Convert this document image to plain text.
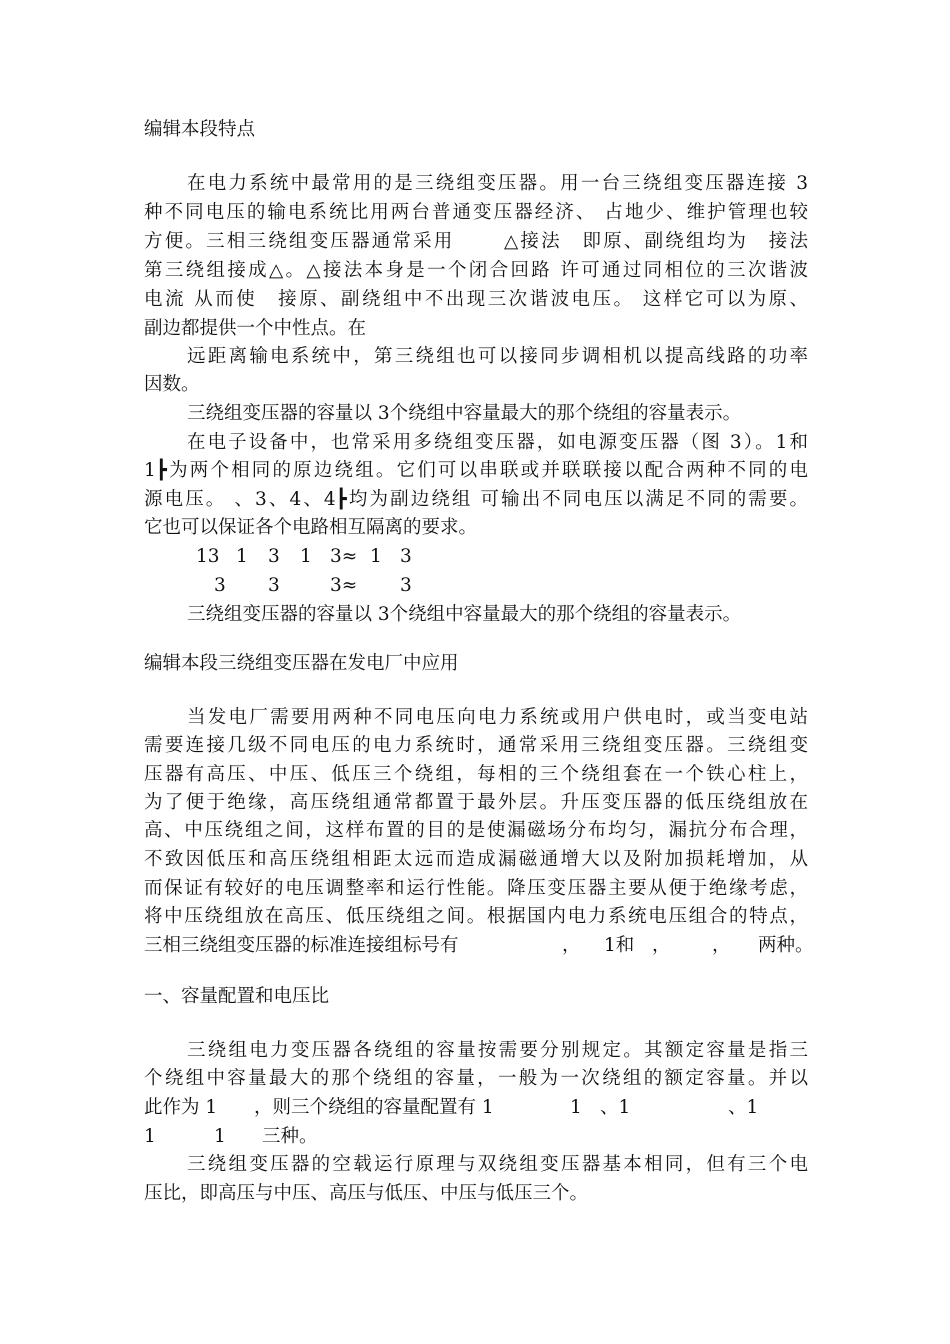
编辑本段特点
在电力系统中最常用的是三绕组变压器。用一台三绕组变压器连接 3
种不同电压的输电系统比用两台普通变压器经济、 占地少、维护管理也较
方便。三相三绕组变压器通常采用　　 △接法　即原、副绕组均为　接法
第三绕组接成△。△接法本身是一个闭合回路 许可通过同相位的三次谐波
电流 从而使　接原、副绕组中不出现三次谐波电压。 这样它可以为原、
副边都提供一个中性点。在
远距离输电系统中，第三绕组也可以接同步调相机以提高线路的功率
因数。
三绕组变压器的容量以 3个绕组中容量最大的那个绕组的容量表示。
在电子设备中，也常采用多绕组变压器，如电源变压器（图 3）。1和
1┣为两个相同的原边绕组。它们可以串联或并联联接以配合两种不同的电
源电压。 、3、4、4┣均为副边绕组 可输出不同电压以满足不同的需要。
它也可以保证各个电路相互隔离的要求。
13 1 3 1 3≈ 1 3
3 3	3≈ 3
三绕组变压器的容量以 3个绕组中容量最大的那个绕组的容量表示。
编辑本段三绕组变压器在发电厂中应用
当发电厂需要用两种不同电压向电力系统或用户供电时，或当变电站
需要连接几级不同电压的电力系统时，通常采用三绕组变压器。三绕组变
压器有高压、中压、低压三个绕组，每相的三个绕组套在一个铁心柱上，
为了便于绝缘，高压绕组通常都置于最外层。升压变压器的低压绕组放在
高、中压绕组之间，这样布置的目的是使漏磁场分布均匀，漏抗分布合理，
不致因低压和高压绕组相距太远而造成漏磁通增大以及附加损耗增加，从
而保证有较好的电压调整率和运行性能。降压变压器主要从便于绝缘考虑，
将中压绕组放在高压、低压绕组之间。根据国内电力系统电压组合的特点，
三相三绕组变压器的标准连接组标号有	， 1和 ， ， 两种。
一、容量配置和电压比
三绕组电力变压器各绕组的容量按需要分别规定。其额定容量是指三
个绕组中容量最大的那个绕组的容量，一般为一次绕组的额定容量。并以
此作为 1 ，则三个绕组的容量配置有 1	1 、1	、1
1	1 三种。
三绕组变压器的空载运行原理与双绕组变压器基本相同，但有三个电
压比，即高压与中压、高压与低压、中压与低压三个。
